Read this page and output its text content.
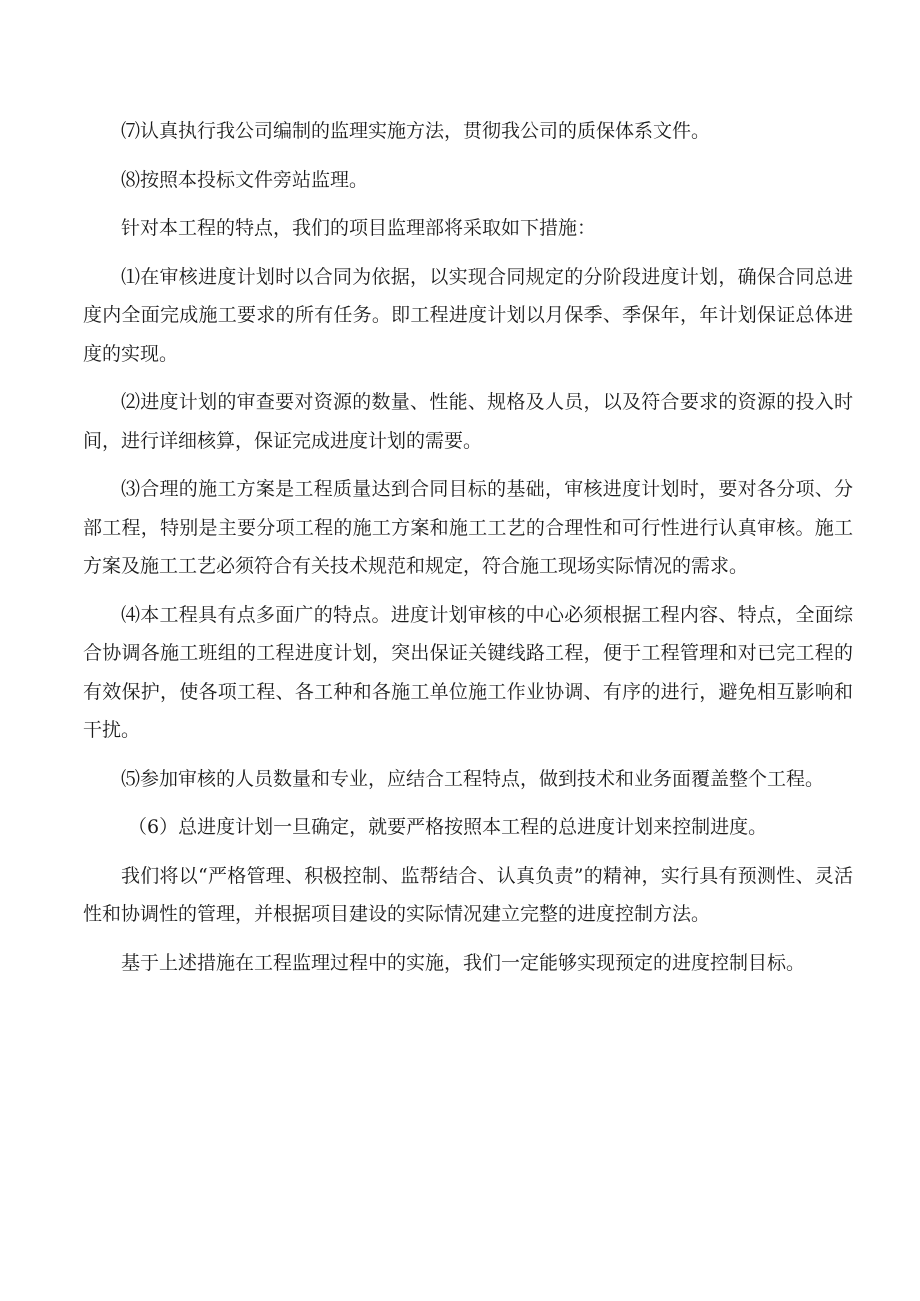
⑺认真执行我公司编制的监理实施方法，贯彻我公司的质保体系文件。

⑻按照本投标文件旁站监理。

针对本工程的特点，我们的项目监理部将采取如下措施：

⑴在审核进度计划时以合同为依据，以实现合同规定的分阶段进度计划，确保合同总进度内全面完成施工要求的所有任务。即工程进度计划以月保季、季保年，年计划保证总体进度的实现。

⑵进度计划的审查要对资源的数量、性能、规格及人员，以及符合要求的资源的投入时间，进行详细核算，保证完成进度计划的需要。

⑶合理的施工方案是工程质量达到合同目标的基础，审核进度计划时，要对各分项、分部工程，特别是主要分项工程的施工方案和施工工艺的合理性和可行性进行认真审核。施工方案及施工工艺必须符合有关技术规范和规定，符合施工现场实际情况的需求。

⑷本工程具有点多面广的特点。进度计划审核的中心必须根据工程内容、特点，全面综合协调各施工班组的工程进度计划，突出保证关键线路工程，便于工程管理和对已完工程的有效保护，使各项工程、各工种和各施工单位施工作业协调、有序的进行，避免相互影响和干扰。

⑸参加审核的人员数量和专业，应结合工程特点，做到技术和业务面覆盖整个工程。

（6）总进度计划一旦确定，就要严格按照本工程的总进度计划来控制进度。

我们将以“严格管理、积极控制、监帮结合、认真负责”的精神，实行具有预测性、灵活性和协调性的管理，并根据项目建设的实际情况建立完整的进度控制方法。

基于上述措施在工程监理过程中的实施，我们一定能够实现预定的进度控制目标。
